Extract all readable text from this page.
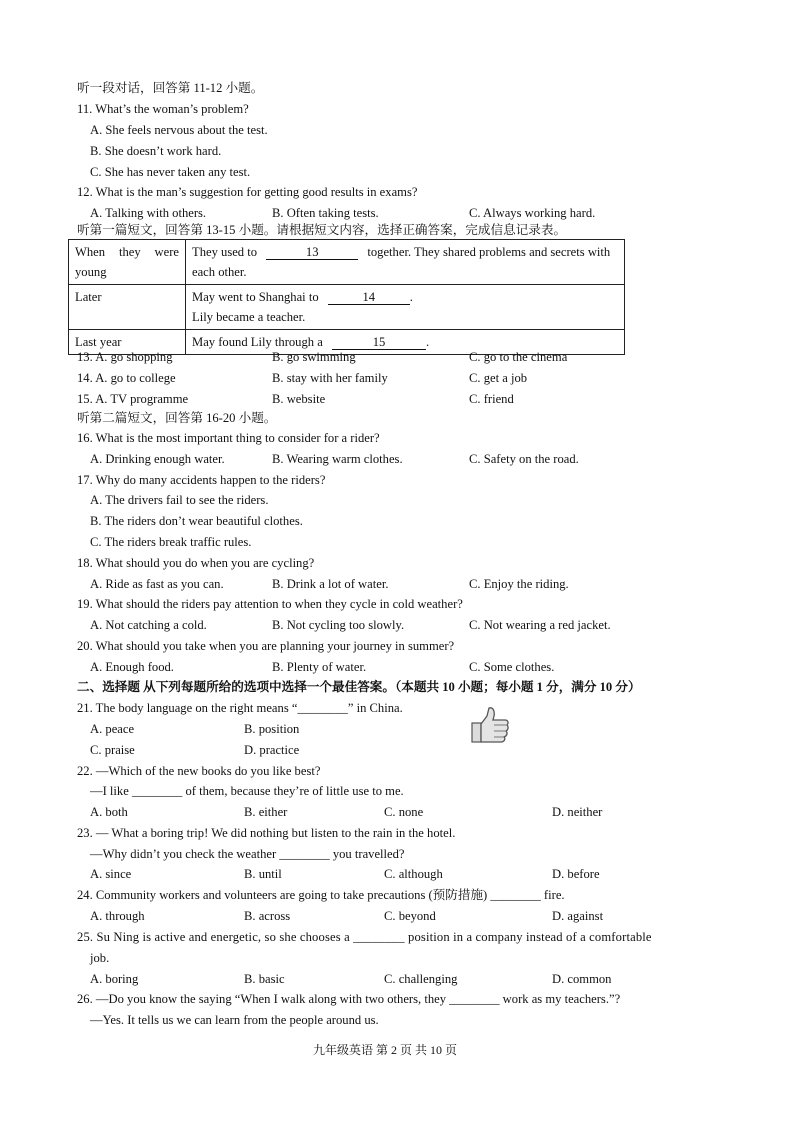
听一段对话，回答第 11-12 小题。
11. What’s the woman’s problem?
A. She feels nervous about the test.
B. She doesn’t work hard.
C. She has never taken any test.
12. What is the man’s suggestion for getting good results in exams?
A. Talking with others.	B. Often taking tests.	C. Always working hard.
听第一篇短文，回答第 13-15 小题。请根据短文内容，选择正确答案，完成信息记录表。
When they were young	They used to 13 together. They shared problems and secrets with each other.
Later	May went to Shanghai to 14 .
Lily became a teacher.
Last year	May found Lily through a 15 .
13. A. go shopping	B. go swimming	C. go to the cinema
14. A. go to college	B. stay with her family	C. get a job
15. A. TV programme	B. website	C. friend
听第二篇短文，回答第 16-20 小题。
16. What is the most important thing to consider for a rider?
A. Drinking enough water.	B. Wearing warm clothes.	C. Safety on the road.
17. Why do many accidents happen to the riders?
A. The drivers fail to see the riders.
B. The riders don’t wear beautiful clothes.
C. The riders break traffic rules.
18. What should you do when you are cycling?
A. Ride as fast as you can.	B. Drink a lot of water.	C. Enjoy the riding.
19. What should the riders pay attention to when they cycle in cold weather?
A. Not catching a cold.	B. Not cycling too slowly.	C. Not wearing a red jacket.
20. What should you take when you are planning your journey in summer?
A. Enough food.	B. Plenty of water.	C. Some clothes.
二、选择题 从下列每题所给的选项中选择一个最佳答案。（本题共 10 小题；每小题 1 分，满分 10 分）
21. The body language on the right means “________” in China.
A. peace	B. position
C. praise	D. practice
22. —Which of the new books do you like best?
—I like ________ of them, because they’re of little use to me.
A. both	B. either	C. none	D. neither
23. — What a boring trip! We did nothing but listen to the rain in the hotel.
—Why didn’t you check the weather ________ you travelled?
A. since	B. until	C. although	D. before
24. Community workers and volunteers are going to take precautions (预防措施) ________ fire.
A. through	B. across	C. beyond	D. against
25. Su Ning is active and energetic, so she chooses a ________ position in a company instead of a comfortable
job.
A. boring	B. basic	C. challenging	D. common
26. —Do you know the saying “When I walk along with two others, they ________ work as my teachers.”?
—Yes. It tells us we can learn from the people around us.
九年级英语 第 2 页 共 10 页
